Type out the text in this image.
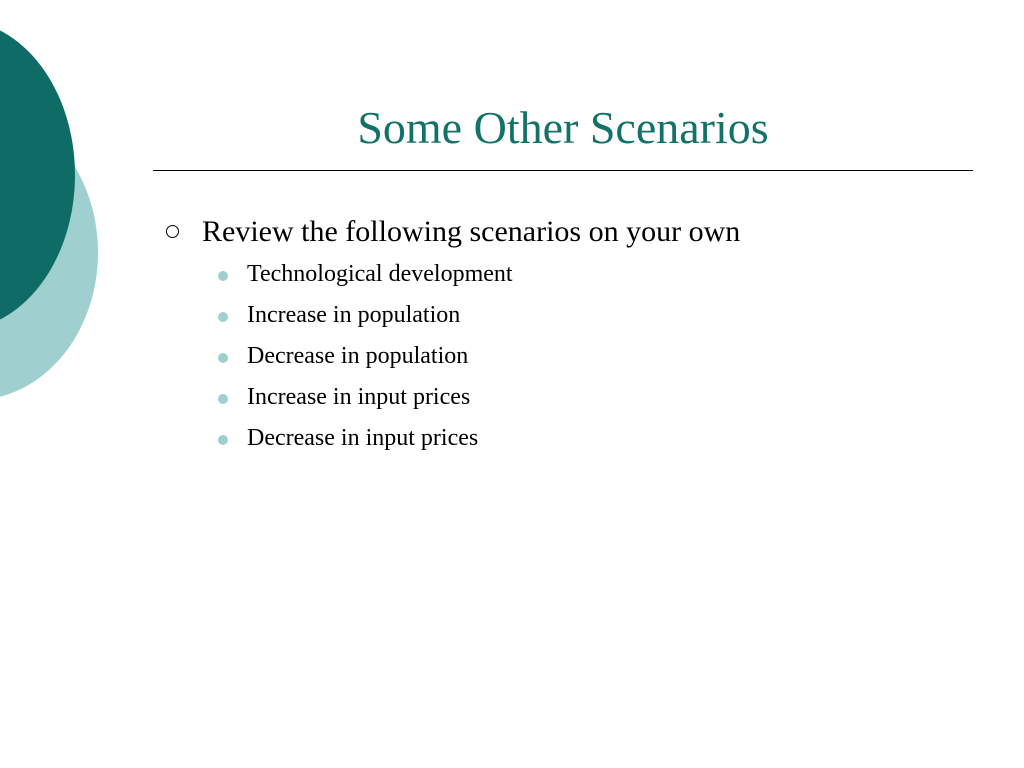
Some Other Scenarios
Review the following scenarios on your own
Technological development
Increase in population
Decrease in population
Increase in input prices
Decrease in input prices
